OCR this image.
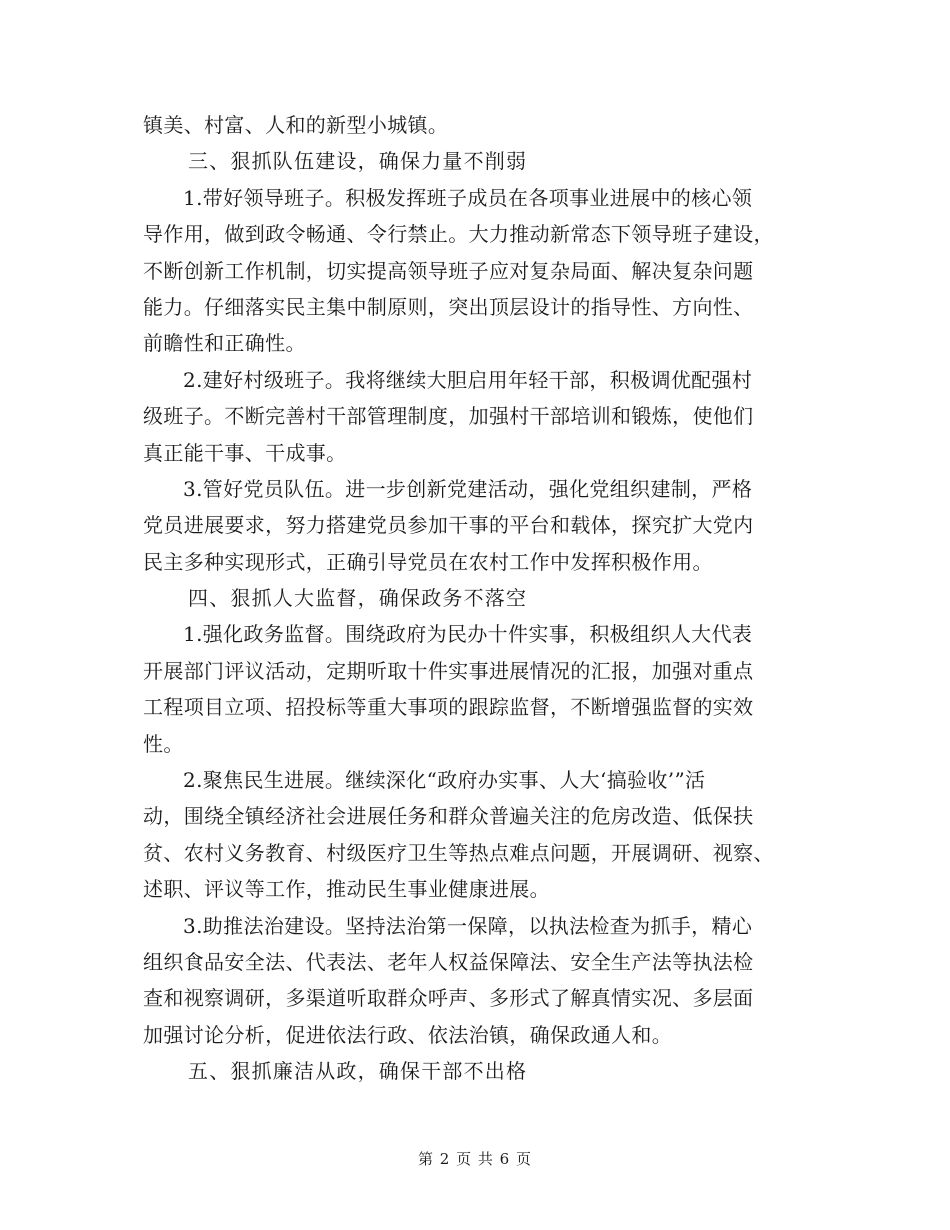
镇美、村富、人和的新型小城镇。
三、狠抓队伍建设，确保力量不削弱
1.带好领导班子。积极发挥班子成员在各项事业进展中的核心领
导作用，做到政令畅通、令行禁止。大力推动新常态下领导班子建设，
不断创新工作机制，切实提高领导班子应对复杂局面、解决复杂问题
能力。仔细落实民主集中制原则，突出顶层设计的指导性、方向性、
前瞻性和正确性。
2.建好村级班子。我将继续大胆启用年轻干部，积极调优配强村
级班子。不断完善村干部管理制度，加强村干部培训和锻炼，使他们
真正能干事、干成事。
3.管好党员队伍。进一步创新党建活动，强化党组织建制，严格
党员进展要求，努力搭建党员参加干事的平台和载体，探究扩大党内
民主多种实现形式，正确引导党员在农村工作中发挥积极作用。
四、狠抓人大监督，确保政务不落空
1.强化政务监督。围绕政府为民办十件实事，积极组织人大代表
开展部门评议活动，定期听取十件实事进展情况的汇报，加强对重点
工程项目立项、招投标等重大事项的跟踪监督，不断增强监督的实效
性。
2.聚焦民生进展。继续深化“政府办实事、人大‘搞验收’”活
动，围绕全镇经济社会进展任务和群众普遍关注的危房改造、低保扶
贫、农村义务教育、村级医疗卫生等热点难点问题，开展调研、视察、
述职、评议等工作，推动民生事业健康进展。
3.助推法治建设。坚持法治第一保障，以执法检查为抓手，精心
组织食品安全法、代表法、老年人权益保障法、安全生产法等执法检
查和视察调研，多渠道听取群众呼声、多形式了解真情实况、多层面
加强讨论分析，促进依法行政、依法治镇，确保政通人和。
五、狠抓廉洁从政，确保干部不出格
第 2 页 共 6 页
